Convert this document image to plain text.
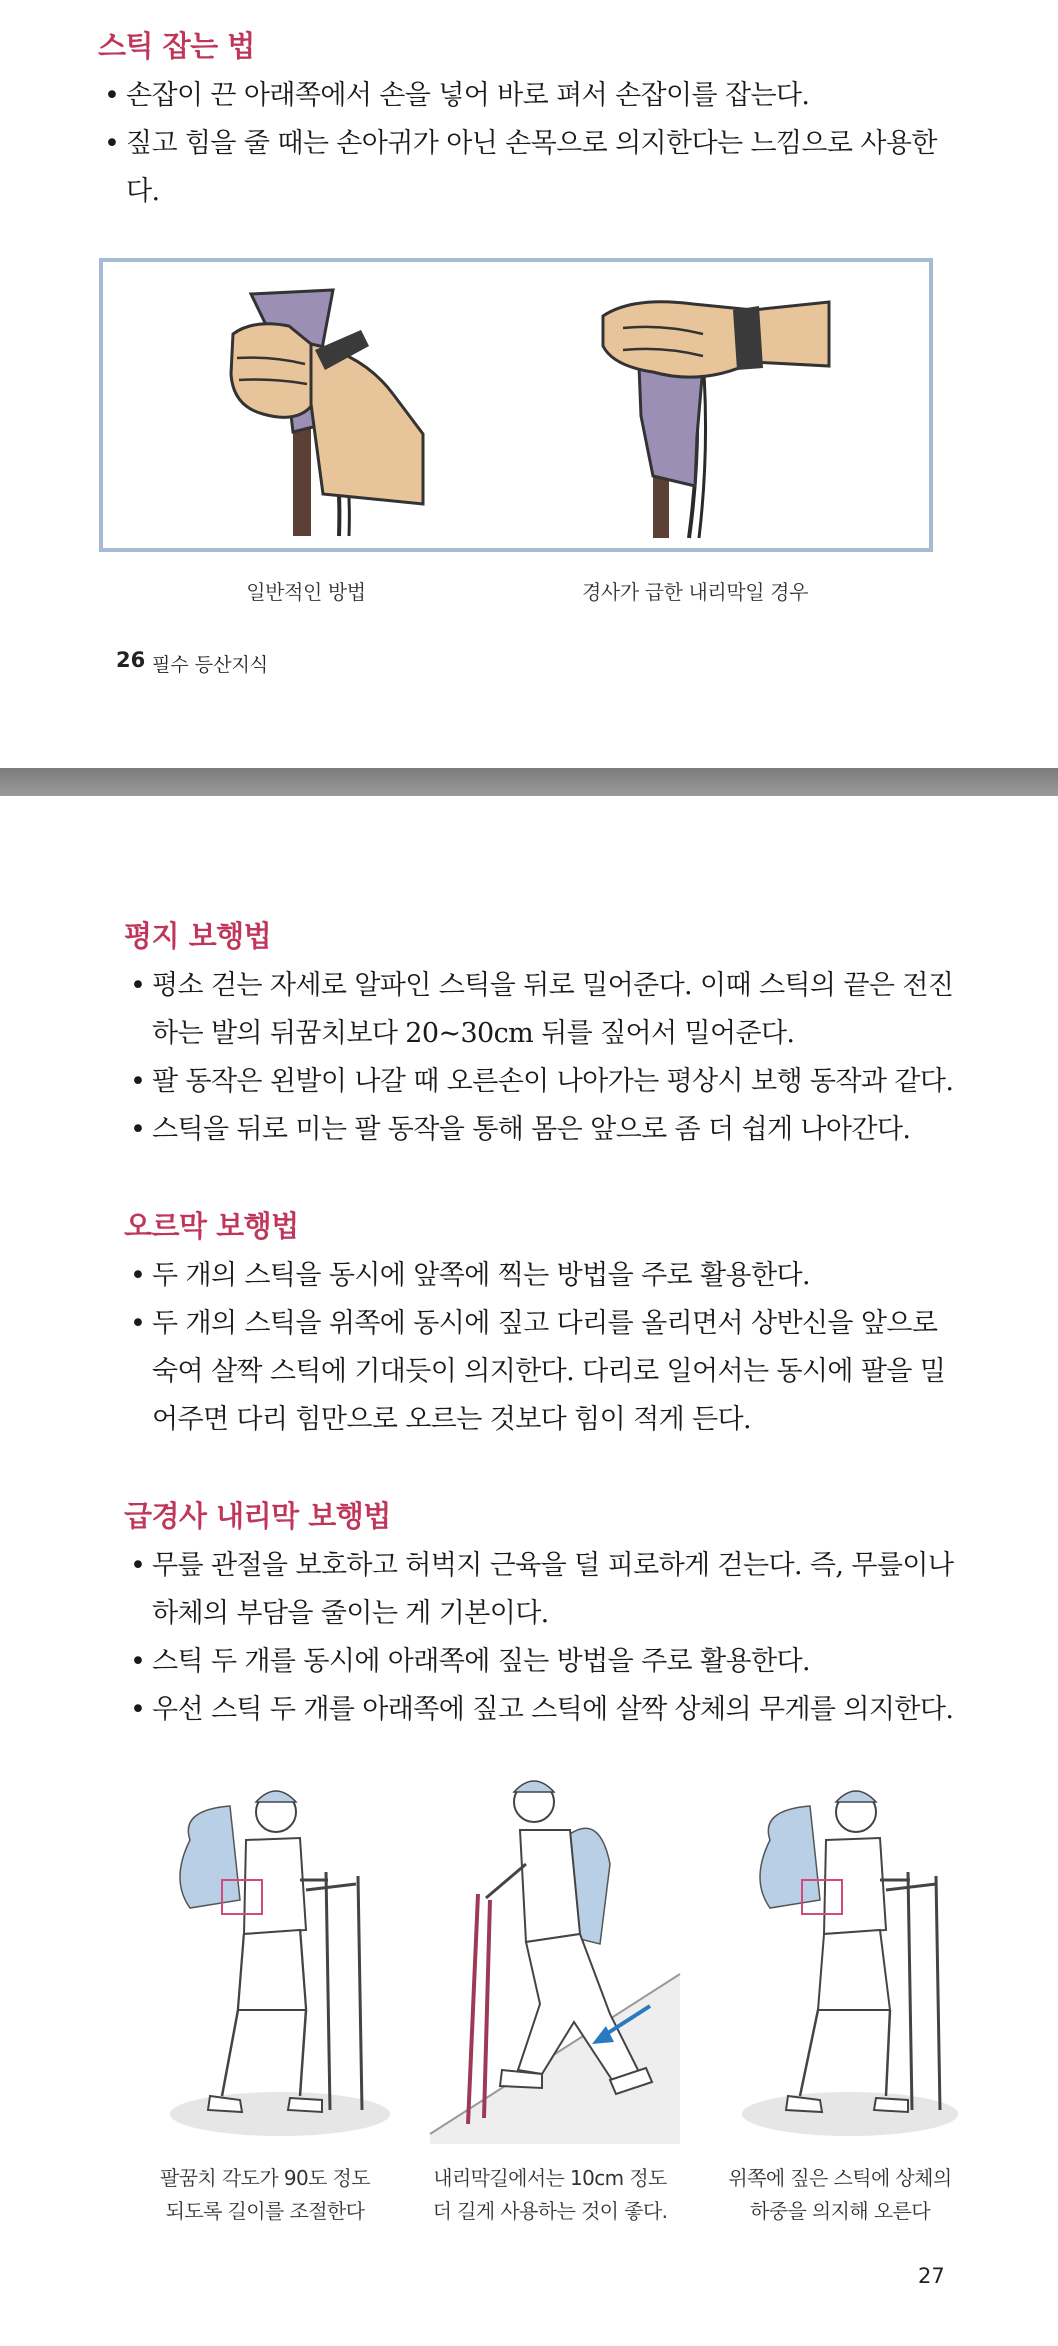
스틱 잡는 법
• 손잡이 끈 아래쪽에서 손을 넣어 바로 펴서 손잡이를 잡는다.
• 짚고 힘을 줄 때는 손아귀가 아닌 손목으로 의지한다는 느낌으로 사용한다.
일반적인 방법	경사가 급한 내리막일 경우
26 필수 등산지식
평지 보행법
• 평소 걷는 자세로 알파인 스틱을 뒤로 밀어준다. 이때 스틱의 끝은 전진하는 발의 뒤꿈치보다 20~30cm 뒤를 짚어서 밀어준다.
• 팔 동작은 왼발이 나갈 때 오른손이 나아가는 평상시 보행 동작과 같다.
• 스틱을 뒤로 미는 팔 동작을 통해 몸은 앞으로 좀 더 쉽게 나아간다.
오르막 보행법
• 두 개의 스틱을 동시에 앞쪽에 찍는 방법을 주로 활용한다.
• 두 개의 스틱을 위쪽에 동시에 짚고 다리를 올리면서 상반신을 앞으로 숙여 살짝 스틱에 기대듯이 의지한다. 다리로 일어서는 동시에 팔을 밀어주면 다리 힘만으로 오르는 것보다 힘이 적게 든다.
급경사 내리막 보행법
• 무릎 관절을 보호하고 허벅지 근육을 덜 피로하게 걷는다. 즉, 무릎이나 하체의 부담을 줄이는 게 기본이다.
• 스틱 두 개를 동시에 아래쪽에 짚는 방법을 주로 활용한다.
• 우선 스틱 두 개를 아래쪽에 짚고 스틱에 살짝 상체의 무게를 의지한다.
팔꿈치 각도가 90도 정도
되도록 길이를 조절한다
내리막길에서는 10cm 정도
더 길게 사용하는 것이 좋다.
위쪽에 짚은 스틱에 상체의
하중을 의지해 오른다
27
